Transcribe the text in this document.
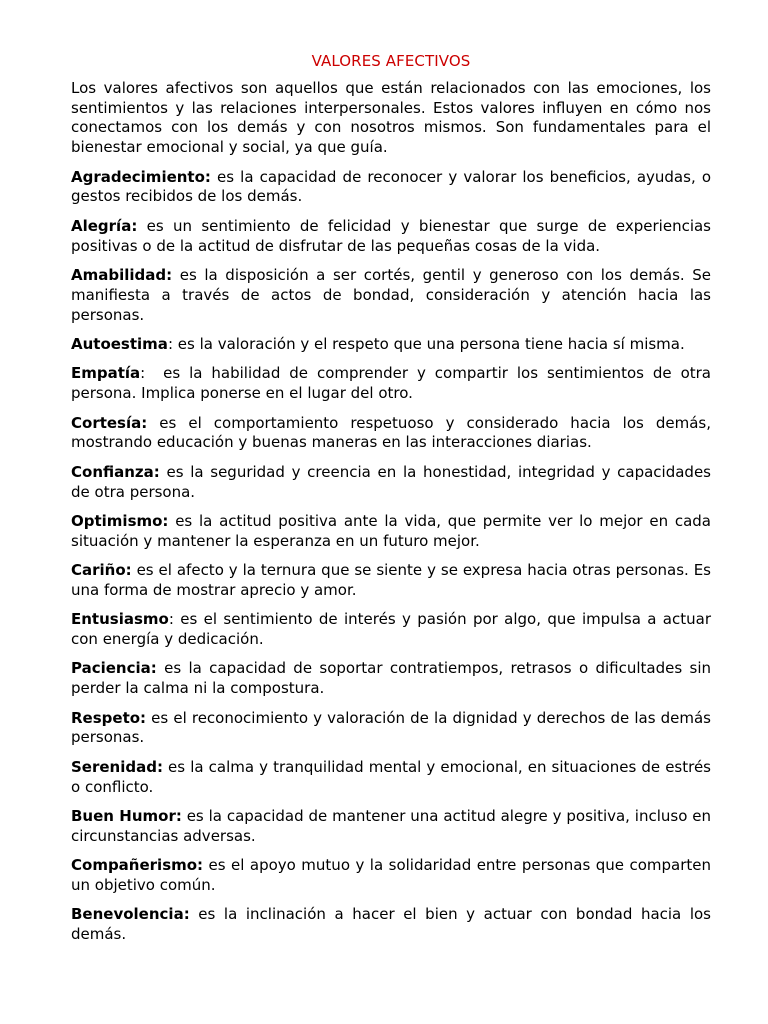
VALORES AFECTIVOS

Los valores afectivos son aquellos que están relacionados con las emociones, los sentimientos y las relaciones interpersonales. Estos valores influyen en cómo nos conectamos con los demás y con nosotros mismos. Son fundamentales para el bienestar emocional y social, ya que guía.

Agradecimiento: es la capacidad de reconocer y valorar los beneficios, ayudas, o gestos recibidos de los demás.

Alegría: es un sentimiento de felicidad y bienestar que surge de experiencias positivas o de la actitud de disfrutar de las pequeñas cosas de la vida.

Amabilidad: es la disposición a ser cortés, gentil y generoso con los demás. Se manifiesta a través de actos de bondad, consideración y atención hacia las personas.

Autoestima: es la valoración y el respeto que una persona tiene hacia sí misma.

Empatía:  es la habilidad de comprender y compartir los sentimientos de otra persona. Implica ponerse en el lugar del otro.

Cortesía: es el comportamiento respetuoso y considerado hacia los demás, mostrando educación y buenas maneras en las interacciones diarias.

Confianza: es la seguridad y creencia en la honestidad, integridad y capacidades de otra persona.

Optimismo: es la actitud positiva ante la vida, que permite ver lo mejor en cada situación y mantener la esperanza en un futuro mejor.

Cariño: es el afecto y la ternura que se siente y se expresa hacia otras personas. Es una forma de mostrar aprecio y amor.

Entusiasmo: es el sentimiento de interés y pasión por algo, que impulsa a actuar con energía y dedicación.

Paciencia: es la capacidad de soportar contratiempos, retrasos o dificultades sin perder la calma ni la compostura.

Respeto: es el reconocimiento y valoración de la dignidad y derechos de las demás personas.

Serenidad: es la calma y tranquilidad mental y emocional, en situaciones de estrés o conflicto.

Buen Humor: es la capacidad de mantener una actitud alegre y positiva, incluso en circunstancias adversas.

Compañerismo: es el apoyo mutuo y la solidaridad entre personas que comparten un objetivo común.

Benevolencia: es la inclinación a hacer el bien y actuar con bondad hacia los demás.
